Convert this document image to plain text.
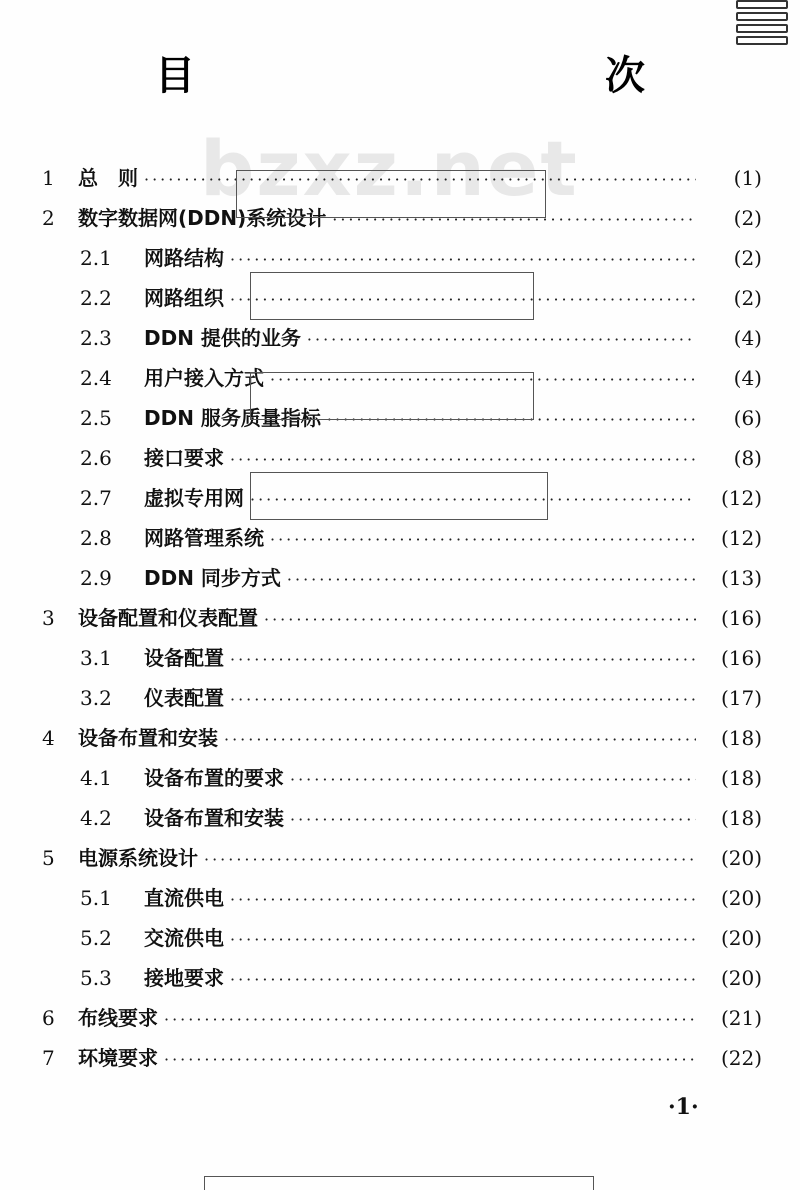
bzxz.net
目　　次
1 总　则 ·····	(1)
2 数字数据网(DDN)系统设计 ·····	(2)
2.1	网路结构 ·····	(2)
2.2	网路组织 ·····	(2)
2.3	DDN 提供的业务 ·····	(4)
2.4	用户接入方式 ·····	(4)
2.5	DDN 服务质量指标 ·····	(6)
2.6	接口要求 ·····	(8)
2.7	虚拟专用网 ·····	(12)
2.8	网路管理系统 ·····	(12)
2.9	DDN 同步方式 ·····	(13)
3 设备配置和仪表配置 ·····	(16)
3.1	设备配置 ·····	(16)
3.2	仪表配置 ·····	(17)
4 设备布置和安装 ·····	(18)
4.1	设备布置的要求 ·····	(18)
4.2	设备布置和安装 ·····	(18)
5 电源系统设计 ·····	(20)
5.1	直流供电 ·····	(20)
5.2	交流供电 ·····	(20)
5.3	接地要求 ·····	(20)
6 布线要求 ·····	(21)
7 环境要求 ·····	(22)
·1·
